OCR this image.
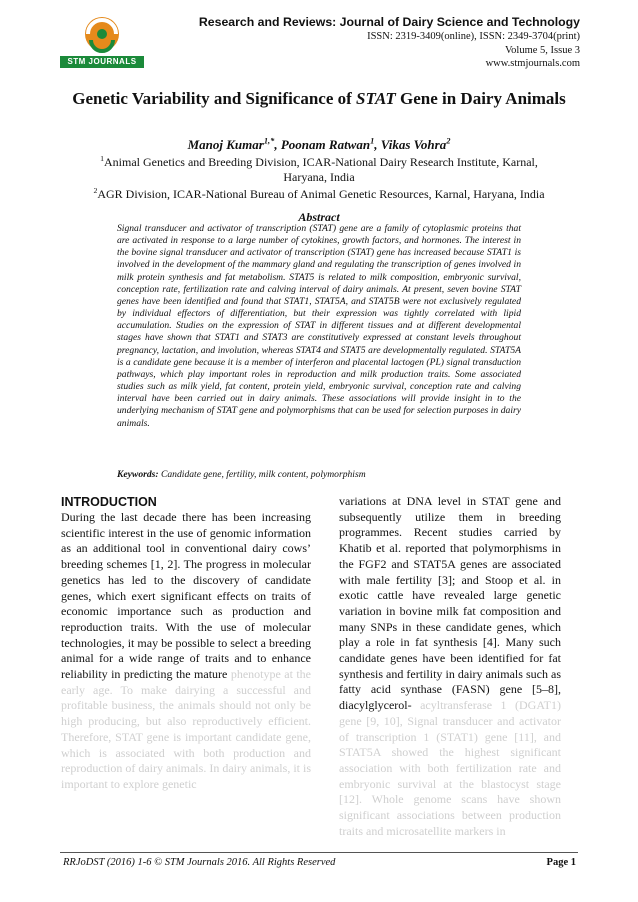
STM JOURNALS
Research and Reviews: Journal of Dairy Science and Technology
ISSN: 2319-3409(online), ISSN: 2349-3704(print)
Volume 5, Issue 3
www.stmjournals.com
Genetic Variability and Significance of STAT Gene in Dairy Animals
Manoj Kumar$^{1,*}$, Poonam Ratwan$^1$, Vikas Vohra$^2$
$^1$Animal Genetics and Breeding Division, ICAR-National Dairy Research Institute, Karnal, Haryana, India
$^2$AGR Division, ICAR-National Bureau of Animal Genetic Resources, Karnal, Haryana, India
Abstract
Signal transducer and activator of transcription (STAT) gene are a family of cytoplasmic proteins that are activated in response to a large number of cytokines, growth factors, and hormones. The interest in the bovine signal transducer and activator of transcription (STAT) gene has increased because STAT1 is involved in the development of the mammary gland and regulating the transcription of genes involved in milk protein synthesis and fat metabolism. STAT5 is related to milk composition, embryonic survival, conception rate, fertilization rate and calving interval of dairy animals. At present, seven bovine STAT genes have been identified and found that STAT1, STAT5A, and STAT5B were not exclusively regulated by individual effectors of differentiation, but their expression was tightly correlated with lipid accumulation. Studies on the expression of STAT in different tissues and at different developmental stages have shown that STAT1 and STAT3 are constitutively expressed at constant levels throughout pregnancy, lactation, and involution, whereas STAT4 and STAT5 are developmentally regulated. STAT5A is a candidate gene because it is a member of interferon and placental lactogen (PL) signal transduction pathways, which play important roles in reproduction and milk production traits. Some associated studies such as milk yield, fat content, protein yield, embryonic survival, conception rate and calving interval have been carried out in dairy animals. These associations will provide insight in to the underlying mechanism of STAT gene and polymorphisms that can be used for selection purposes in dairy animals.
Keywords: Candidate gene, fertility, milk content, polymorphism
INTRODUCTION
During the last decade there has been increasing scientific interest in the use of genomic information as an additional tool in conventional dairy cows’ breeding schemes [1, 2]. The progress in molecular genetics has led to the discovery of candidate genes, which exert significant effects on traits of economic importance such as production and reproduction traits. With the use of molecular technologies, it may be possible to select a breeding animal for a wide range of traits and to enhance reliability in predicting the mature phenotype at the early age. To make dairying a successful and profitable business, the animals should not only be high producing, but also reproductively efficient. Therefore, STAT gene is important candidate gene, which is associated with both production and reproduction of dairy animals. In dairy animals, it is important to explore genetic
variations at DNA level in STAT gene and subsequently utilize them in breeding programmes. Recent studies carried by Khatib et al. reported that polymorphisms in the FGF2 and STAT5A genes are associated with male fertility [3]; and Stoop et al. in exotic cattle have revealed large genetic variation in bovine milk fat composition and many SNPs in these candidate genes, which play a role in fat synthesis [4]. Many such candidate genes have been identified for fat synthesis and fertility in dairy animals such as fatty acid synthase (FASN) gene [5–8], diacylglycerol- acyltransferase 1 (DGAT1) gene [9, 10], Signal transducer and activator of transcription 1 (STAT1) gene [11], and STAT5A showed the highest significant association with both fertilization rate and embryonic survival at the blastocyst stage [12]. Whole genome scans have shown significant associations between production traits and microsatellite markers in
RRJoDST (2016) 1-6 © STM Journals 2016. All Rights Reserved	Page 1
